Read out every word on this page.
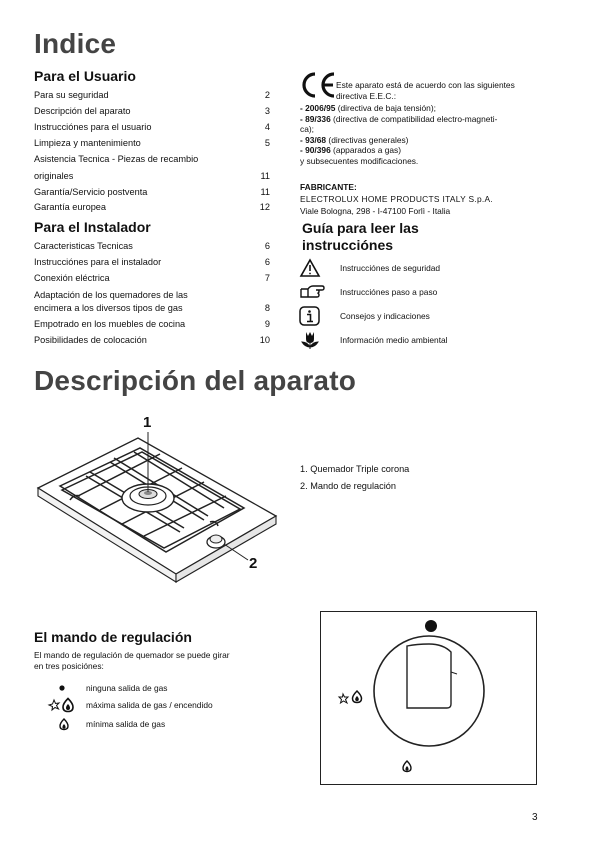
Indice
Para el Usuario
Para su seguridad	2
Descripción del aparato	3
Instrucciónes para el usuario	4
Limpieza y mantenimiento	5
Asistencia Tecnica - Piezas de recambio
originales	11
Garantía/Servicio postventa	11
Garantía europea	12
Para el Instalador
Caracteristicas Tecnicas	6
Instrucciónes para el instalador	6
Conexión eléctrica	7
Adaptación de los quemadores de las
encimera a los diversos tipos de gas	8
Empotrado en los muebles de cocina	9
Posibilidades de colocación	10
Este aparato está de acuerdo con las siguientes
directiva E.E.C.:
- 2006/95 (directiva de baja tensión);
- 89/336 (directiva de compatibilidad electro-magneti-
ca);
- 93/68 (directivas generales)
- 90/396 (apparados a gas)
y subsecuentes modificaciones.
FABRICANTE:
ELECTROLUX HOME PRODUCTS ITALY S.p.A.
Viale Bologna, 298 - I-47100 Forlì - Italia
Guía para leer las
instrucciónes
Instrucciónes de seguridad
Instrucciónes paso a paso
Consejos y indicaciones
Información medio ambiental
Descripción del aparato
1
2
1. Quemador Triple corona
2. Mando de regulación
El mando de regulación
El mando de regulación de quemador se puede girar
en tres posiciónes:
ninguna salida de gas
máxima salida de gas / encendido
mínima salida de gas
3
